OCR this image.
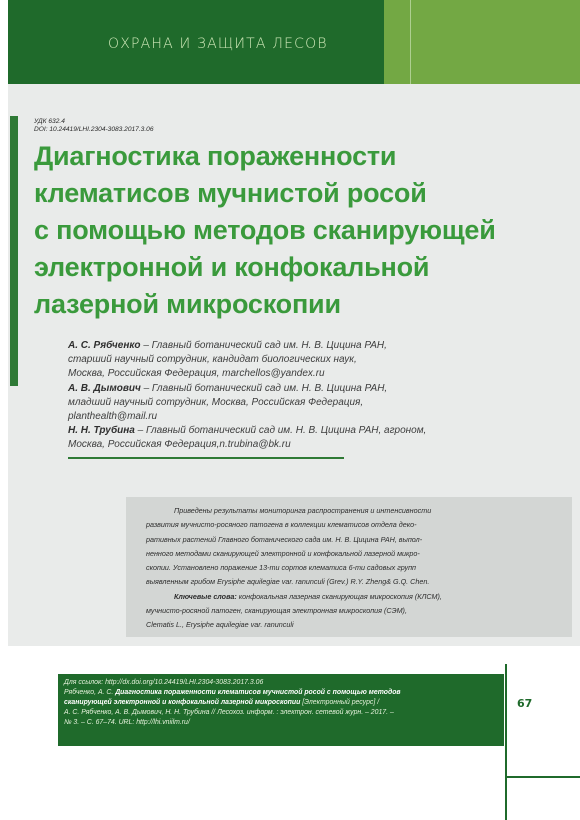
ОХРАНА И ЗАЩИТА ЛЕСОВ
УДК 632.4
DOI: 10.24419/LHI.2304-3083.2017.3.06
Диагностика пораженности
клематисов мучнистой росой
с помощью методов сканирующей
электронной и конфокальной
лазерной микроскопии
А. С. Рябченко – Главный ботанический сад им. Н. В. Цицина РАН,
старший научный сотрудник, кандидат биологических наук,
Москва, Российская Федерация, marchellos@yandex.ru
А. В. Дымович – Главный ботанический сад им. Н. В. Цицина РАН,
младший научный сотрудник, Москва, Российская Федерация,
planthealth@mail.ru
Н. Н. Трубина – Главный ботанический сад им. Н. В. Цицина РАН, агроном,
Москва, Российская Федерация,n.trubina@bk.ru
Приведены результаты мониторинга распространения и интенсивности
развития мучнисто-росяного патогена в коллекции клематисов отдела деко-
ративных растений Главного ботанического сада им. Н. В. Цицина РАН, выпол-
ненного методами сканирующей электронной и конфокальной лазерной микро-
скопии. Установлено поражение 13-ти сортов клематиса 6-ти садовых групп
выявленным грибом Erysiphe aquilegiae var. ranunculi (Grev.) R.Y. Zheng& G.Q. Chen.
Ключевые слова: конфокальная лазерная сканирующая микроскопия (КЛСМ),
мучнисто-росяной патоген, сканирующая электронная микроскопия (СЭМ),
Clematis L., Erysiphe aquilegiae var. ranunculi
Для ссылок: http://dx.doi.org/10.24419/LHI.2304-3083.2017.3.06
Рябченко, А. С. Диагностика пораженности клематисов мучнистой росой с помощью методов
сканирующей электронной и конфокальной лазерной микроскопии [Электронный ресурс] /
А. С. Рябченко, А. В. Дымович, Н. Н. Трубина // Лесохоз. информ. : электрон. сетевой журн. – 2017. –
№ 3. – С. 67–74. URL: http://lhi.vniilm.ru/
67
